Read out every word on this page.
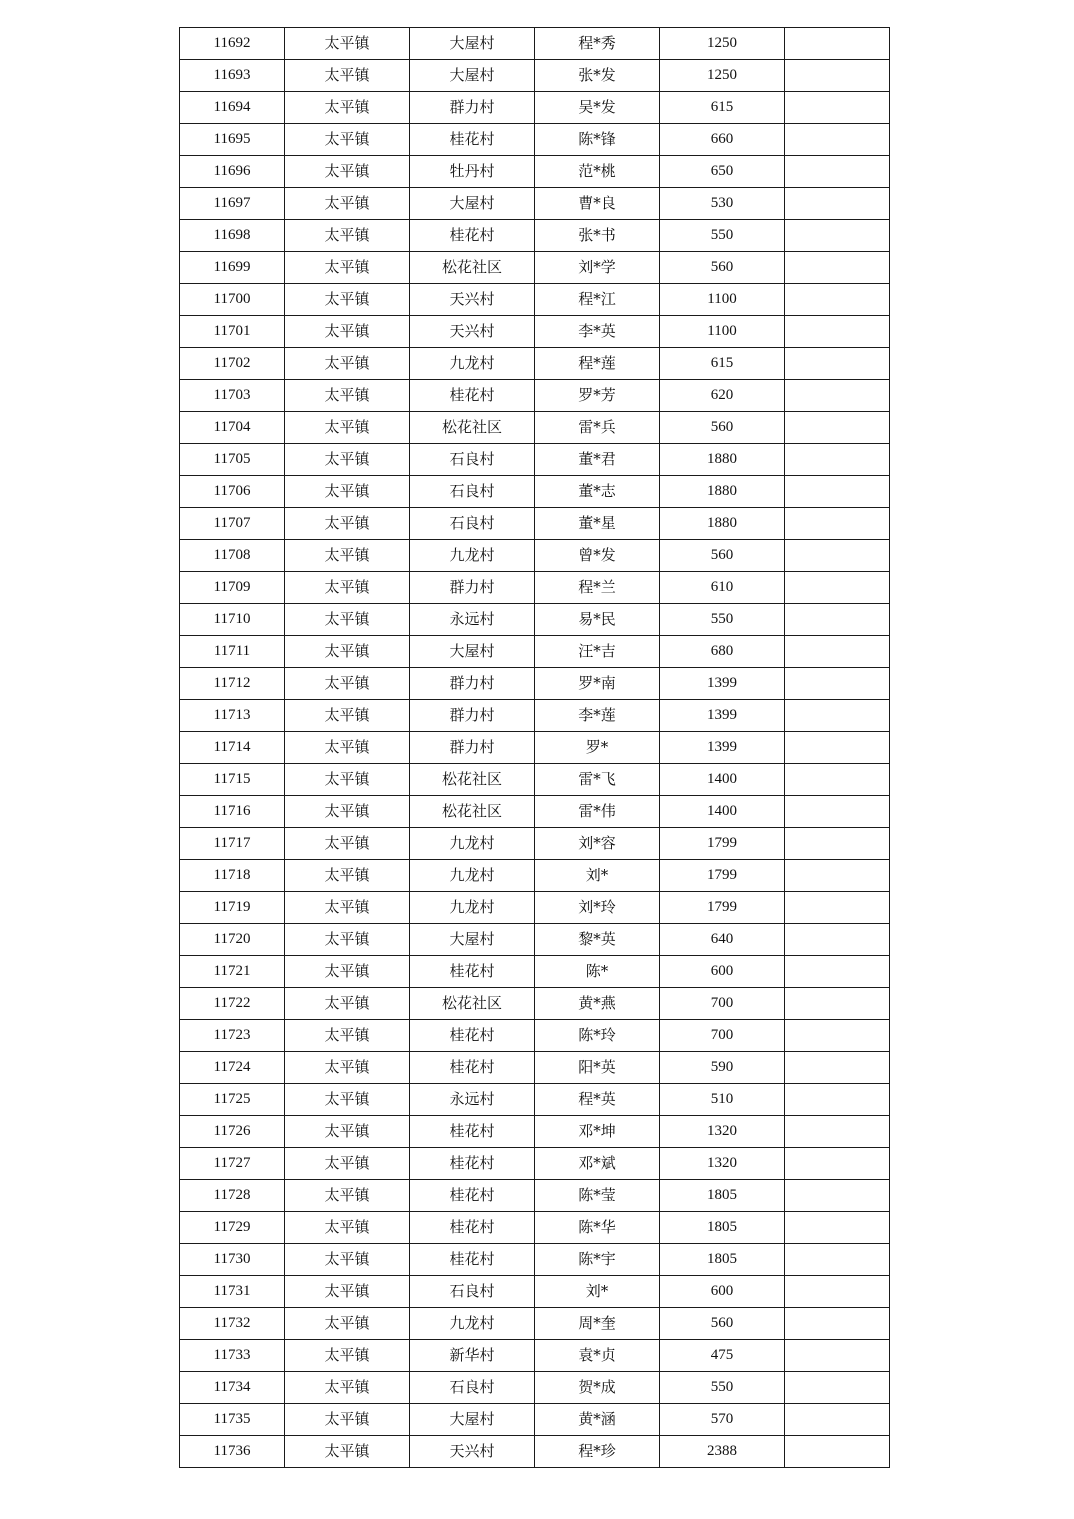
11692	太平镇	大屋村	程*秀	1250	
11693	太平镇	大屋村	张*发	1250	
11694	太平镇	群力村	吴*发	615	
11695	太平镇	桂花村	陈*锋	660	
11696	太平镇	牡丹村	范*桃	650	
11697	太平镇	大屋村	曹*良	530	
11698	太平镇	桂花村	张*书	550	
11699	太平镇	松花社区	刘*学	560	
11700	太平镇	天兴村	程*江	1100	
11701	太平镇	天兴村	李*英	1100	
11702	太平镇	九龙村	程*莲	615	
11703	太平镇	桂花村	罗*芳	620	
11704	太平镇	松花社区	雷*兵	560	
11705	太平镇	石良村	董*君	1880	
11706	太平镇	石良村	董*志	1880	
11707	太平镇	石良村	董*星	1880	
11708	太平镇	九龙村	曾*发	560	
11709	太平镇	群力村	程*兰	610	
11710	太平镇	永远村	易*民	550	
11711	太平镇	大屋村	汪*吉	680	
11712	太平镇	群力村	罗*南	1399	
11713	太平镇	群力村	李*莲	1399	
11714	太平镇	群力村	罗*	1399	
11715	太平镇	松花社区	雷*飞	1400	
11716	太平镇	松花社区	雷*伟	1400	
11717	太平镇	九龙村	刘*容	1799	
11718	太平镇	九龙村	刘*	1799	
11719	太平镇	九龙村	刘*玲	1799	
11720	太平镇	大屋村	黎*英	640	
11721	太平镇	桂花村	陈*	600	
11722	太平镇	松花社区	黄*燕	700	
11723	太平镇	桂花村	陈*玲	700	
11724	太平镇	桂花村	阳*英	590	
11725	太平镇	永远村	程*英	510	
11726	太平镇	桂花村	邓*坤	1320	
11727	太平镇	桂花村	邓*斌	1320	
11728	太平镇	桂花村	陈*莹	1805	
11729	太平镇	桂花村	陈*华	1805	
11730	太平镇	桂花村	陈*宇	1805	
11731	太平镇	石良村	刘*	600	
11732	太平镇	九龙村	周*奎	560	
11733	太平镇	新华村	袁*贞	475	
11734	太平镇	石良村	贺*成	550	
11735	太平镇	大屋村	黄*涵	570	
11736	太平镇	天兴村	程*珍	2388	
